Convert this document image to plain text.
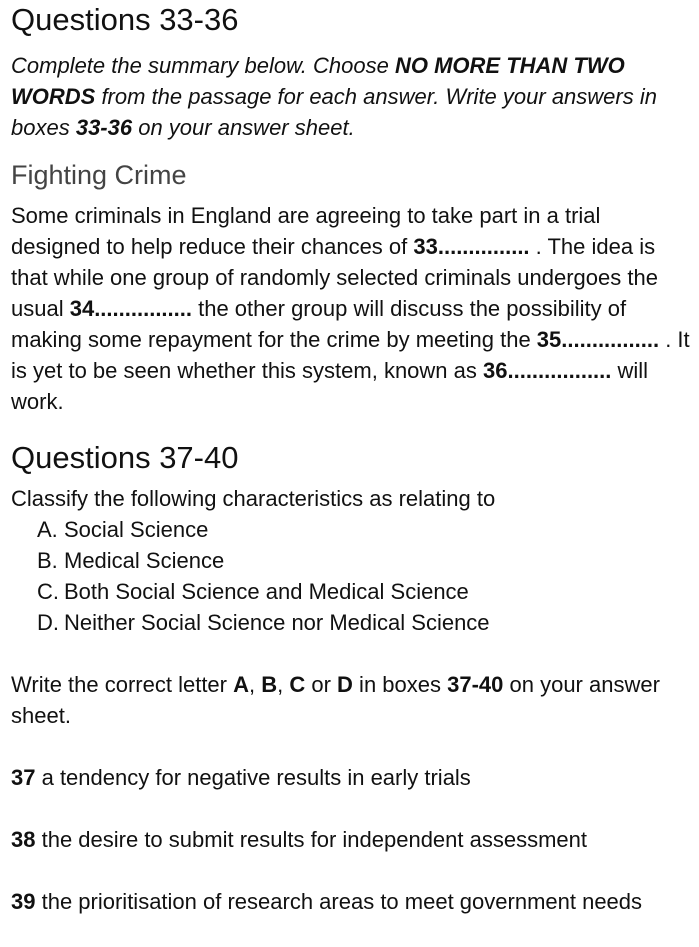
Questions 33-36

Complete the summary below. Choose NO MORE THAN TWO WORDS from the passage for each answer. Write your answers in boxes 33-36 on your answer sheet.

Fighting Crime

Some criminals in England are agreeing to take part in a trial designed to help reduce their chances of 33............... . The idea is that while one group of randomly selected criminals undergoes the usual 34................ the other group will discuss the possibility of making some repayment for the crime by meeting the 35................ . It is yet to be seen whether this system, known as 36................. will work.

Questions 37-40

Classify the following characteristics as relating to

A. Social Science
B. Medical Science
C. Both Social Science and Medical Science
D. Neither Social Science nor Medical Science

Write the correct letter A, B, C or D in boxes 37-40 on your answer sheet.

37 a tendency for negative results in early trials

38 the desire to submit results for independent assessment

39 the prioritisation of research areas to meet government needs
